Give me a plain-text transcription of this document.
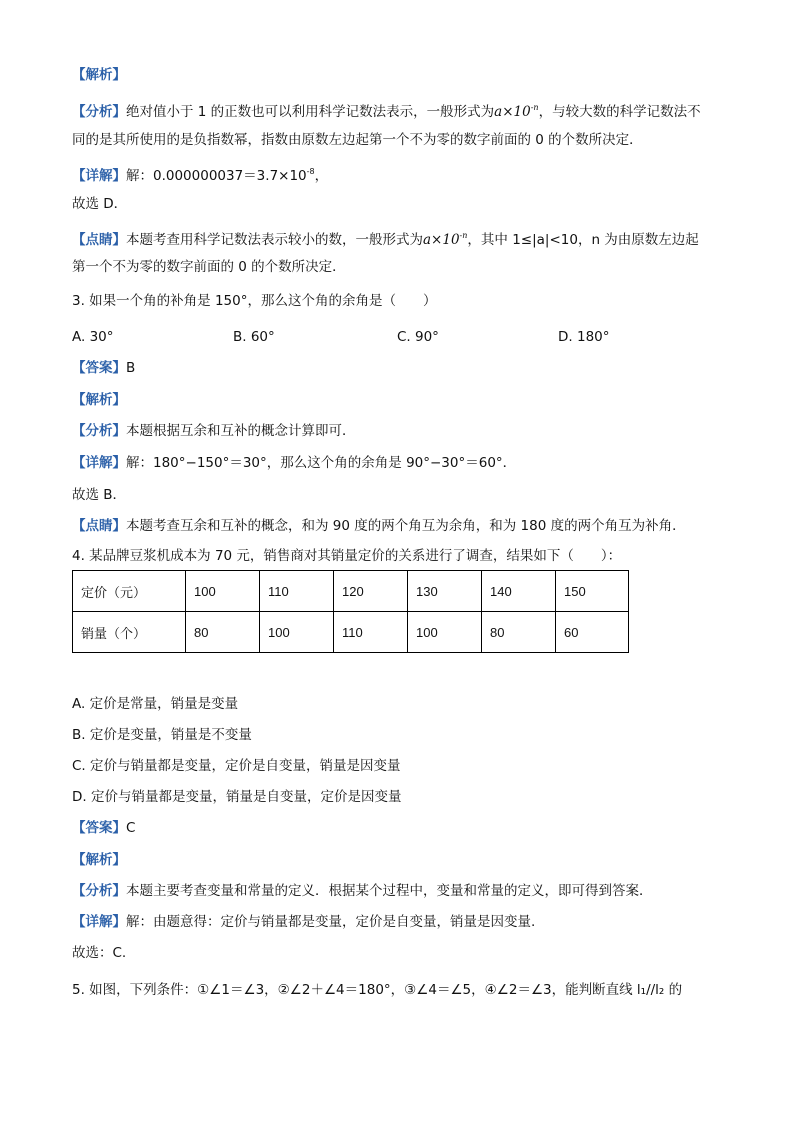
【解析】
【分析】绝对值小于 1 的正数也可以利用科学记数法表示，一般形式为$a\times 10^{-n}$，与较大数的科学记数法不
同的是其所使用的是负指数幂，指数由原数左边起第一个不为零的数字前面的 0 的个数所决定．
【详解】解：$0.000000037=3.7\times 10^{-8}$，
故选 D．
【点睛】本题考查用科学记数法表示较小的数，一般形式为$a\times 10^{-n}$，其中 1≤|a|<10，n 为由原数左边起
第一个不为零的数字前面的 0 的个数所决定．
3. 如果一个角的补角是 150°，那么这个角的余角是（　　）
A. 30°	B. 60°	C. 90°	D. 180°
【答案】B
【解析】
【分析】本题根据互余和互补的概念计算即可．
【详解】解：180°−150°＝30°，那么这个角的余角是 90°−30°＝60°．
故选 B．
【点睛】本题考查互余和互补的概念，和为 90 度的两个角互为余角，和为 180 度的两个角互为补角．
4. 某品牌豆浆机成本为 70 元，销售商对其销量定价的关系进行了调查，结果如下（　　）：
定价（元）	100	110	120	130	140	150
销量（个）	80	100	110	100	80	60
A. 定价是常量，销量是变量
B. 定价是变量，销量是不变量
C. 定价与销量都是变量，定价是自变量，销量是因变量
D. 定价与销量都是变量，销量是自变量，定价是因变量
【答案】C
【解析】
【分析】本题主要考查变量和常量的定义．根据某个过程中，变量和常量的定义，即可得到答案．
【详解】解：由题意得：定价与销量都是变量，定价是自变量，销量是因变量.
故选：C.
5. 如图，下列条件：①∠1＝∠3，②∠2＋∠4＝180°，③∠4＝∠5，④∠2＝∠3，能判断直线 l₁//l₂ 的
